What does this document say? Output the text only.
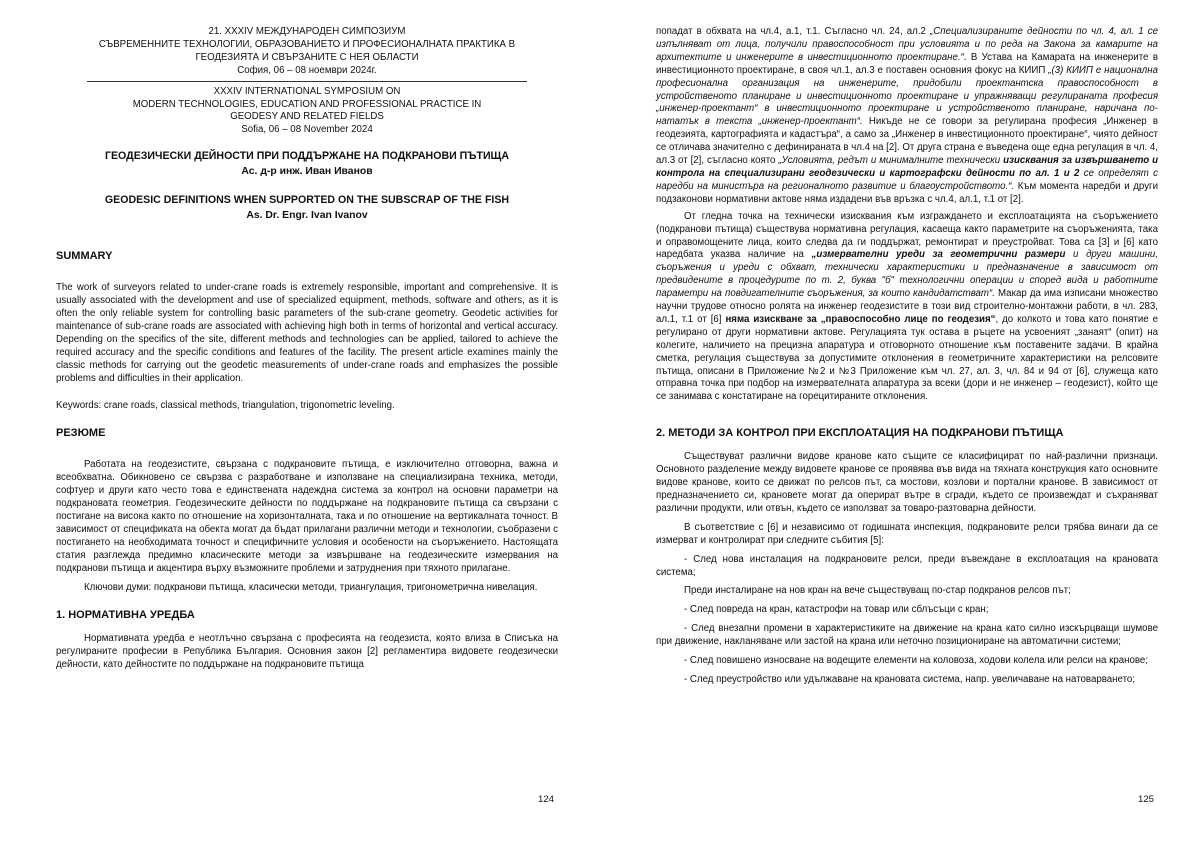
21. XXXIV МЕЖДУНАРОДЕН СИМПОЗИУМ

СЪВРЕМЕННИТЕ ТЕХНОЛОГИИ, ОБРАЗОВАНИЕТО И ПРОФЕСИОНАЛНАТА ПРАКТИКА В

ГЕОДЕЗИЯТА И СВЪРЗАНИТЕ С НЕЯ ОБЛАСТИ

София, 06 – 08 ноември 2024г.

XXXIV INTERNATIONAL SYMPOSIUM ON

MODERN TECHNOLOGIES, EDUCATION AND PROFESSIONAL PRACTICE IN

GEODESY AND RELATED FIELDS

Sofia, 06 – 08 November 2024

ГЕОДЕЗИЧЕСКИ ДЕЙНОСТИ ПРИ ПОДДЪРЖАНЕ НА ПОДКРАНОВИ ПЪТИЩА

Ас. д-р инж. Иван Иванов

GEODESIC DEFINITIONS WHEN SUPPORTED ON THE SUBSCRAP OF THE FISH

As. Dr. Engr. Ivan Ivanov

SUMMARY

The work of surveyors related to under-crane roads is extremely responsible, important and comprehensive. It is usually associated with the development and use of specialized equipment, methods, software and others, as it is often the only reliable system for controlling basic parameters of the sub-crane geometry. Geodetic activities for maintenance of sub-crane roads are associated with achieving high both in terms of horizontal and vertical accuracy. Depending on the specifics of the site, different methods and technologies can be applied, tailored to achieve the required accuracy and the specific conditions and features of the facility. The present article examines mainly the classic methods for carrying out the geodetic measurements of under-crane roads and emphasizes the possible problems and difficulties in their application.

Keywords: crane roads, classical methods, triangulation, trigonometric leveling.

РЕЗЮМЕ

Работата на геодезистите, свързана с подкрановите пътища, е изключително отговорна, важна и всеобхватна. Обикновено се свързва с разработване и използване на специализирана техника, методи, софтуер и други като често това е единствената надеждна система за контрол на основни параметри на подкрановата геометрия. Геодезическите дейности по поддържане на подкрановите пътища са свързани с постигане на висока както по отношение на хоризонталната, така и по отношение на вертикалната точност. В зависимост от спецификата на обекта могат да бъдат прилагани различни методи и технологии, съобразени с постигането на необходимата точност и специфичните условия и особености на съоръжението. Настоящата статия разглежда предимно класическите методи за извършване на геодезическите измервания на подкранови пътища и акцентира върху възможните проблеми и затруднения при тяхното прилагане.

Ключови думи: подкранови пътища, класически методи, триангулация, тригонометрична нивелация.

1. НОРМАТИВНА УРЕДБА

Нормативната уредба е неотлъчно свързана с професията на геодезиста, която влиза в Списъка на регулираните професии в Република България. Основния закон [2] регламентира видовете геодезически дейности, като дейностите по поддържане на подкрановите пътища

124

попадат в обхвата на чл.4, а.1, т.1. Съгласно чл. 24, ал.2 „Специализираните дейности по чл. 4, ал. 1 се изпълняват от лица, получили правоспособност при условията и по реда на Закона за камарите на архитектите и инженерите в инвестиционното проектиране.“. В Устава на Камарата на инженерите в инвестиционното проектиране, в своя чл.1, ал.3 е поставен основния фокус на КИИП „(3) КИИП е национална професионална организация на инженерите, придобили проектантска правоспособност в устройственото планиране и инвестиционното проектиране и упражняващи регулираната професия „инженер-проектант“ в инвестиционното проектиране и устройственото планиране, наричана по-нататък в текста „инженер-проектант“. Никъде не се говори за регулирана професия „Инженер в геодезията, картографията и кадастъра“, а само за „Инженер в инвестиционното проектиране“, чиято дейност се отличава значително с дефинираната в чл.4 на [2]. От друга страна е въведена още една регулация в чл. 4, ал.3 от [2], съгласно която „Условията, редът и минималните технически изисквания за извършването и контрола на специализирани геодезически и картографски дейности по ал. 1 и 2 се определят с наредби на министъра на регионалното развитие и благоустройството.“. Към момента наредби и други подзаконови нормативни актове няма издадени във връзка с чл.4, ал.1, т.1 от [2].

От гледна точка на технически изисквания към изграждането и експлоатацията на съоръжението (подкранови пътища) съществува нормативна регулация, касаеща както параметрите на съоръженията, така и оправомощените лица, които следва да ги поддържат, ремонтират и преустройват. Това са [3] и [6] като наредбата указва наличие на „измервателни уреди за геометрични размери и други машини, съоръжения и уреди с обхват, технически характеристики и предназначение в зависимост от предвидените в процедурите по т. 2, буква "б" технологични операции и според вида и работните параметри на повдигателните съоръжения, за които кандидатстват“. Макар да има изписани множество научни трудове относно ролята на инженер геодезистите в този вид строително-монтажни работи, в чл. 283, ал.1, т.1 от [6] няма изискване за „правоспособно лице по геодезия“, до колкото и това като понятие е регулирано от други нормативни актове. Регулацията тук остава в ръцете на усвоеният „занаят“ (опит) на колегите, наличието на прецизна апаратура и отговорното отношение към поставените задачи. В крайна сметка, регулация съществува за допустимите отклонения в геометричните характеристики на релсовите пътища, описани в Приложение №2 и №3 Приложение към чл. 27, ал. 3, чл. 84 и 94 от [6], служеща като отправна точка при подбор на измервателната апаратура за всеки (дори и не инженер – геодезист), който ще се занимава с констатиране на горецитираните отклонения.

2. МЕТОДИ ЗА КОНТРОЛ ПРИ ЕКСПЛОАТАЦИЯ НА ПОДКРАНОВИ ПЪТИЩА

Съществуват различни видове кранове като същите се класифицират по най-различни признаци. Основното разделение между видовете кранове се проявява във вида на тяхната конструкция като основните видове кранове, които се движат по релсов път, са мостови, козлови и портални кранове. В зависимост от предназначението си, крановете могат да оперират вътре в сгради, където се произвеждат и съхраняват различни продукти, или отвън, където се използват за товаро-разтоварна дейности.

В съответствие с [6] и независимо от годишната инспекция, подкрановите релси трябва винаги да се измерват и контролират при следните събития [5]:

- След нова инсталация на подкрановите релси, преди въвеждане в експлоатация на крановата система;

Преди инсталиране на нов кран на вече съществуващ по-стар подкранов релсов път;

- След повреда на кран, катастрофи на товар или сблъсъци с кран;

- След внезапни промени в характеристиките на движение на крана като силно изскърцващи шумове при движение, накланяване или застой на крана или неточно позициониране на автоматични системи;

- След повишено износване на водещите елементи на коловоза, ходови колела или релси на кранове;

- След преустройство или удължаване на крановата система, напр. увеличаване на натоварването;

125
